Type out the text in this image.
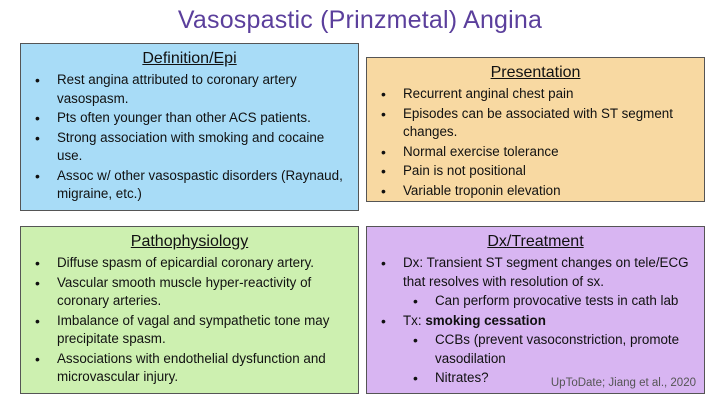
Vasospastic (Prinzmetal) Angina
Definition/Epi
• Rest angina attributed to coronary artery vasospasm.
• Pts often younger than other ACS patients.
• Strong association with smoking and cocaine use.
• Assoc w/ other vasospastic disorders (Raynaud, migraine, etc.)
Presentation
• Recurrent anginal chest pain
• Episodes can be associated with ST segment changes.
• Normal exercise tolerance
• Pain is not positional
• Variable troponin elevation
Pathophysiology
• Diffuse spasm of epicardial coronary artery.
• Vascular smooth muscle hyper-reactivity of coronary arteries.
• Imbalance of vagal and sympathetic tone may precipitate spasm.
• Associations with endothelial dysfunction and microvascular injury.
Dx/Treatment
• Dx: Transient ST segment changes on tele/ECG that resolves with resolution of sx.
• Can perform provocative tests in cath lab
• Tx: smoking cessation
• CCBs (prevent vasoconstriction, promote vasodilation
• Nitrates?	UpToDate; Jiang et al., 2020
